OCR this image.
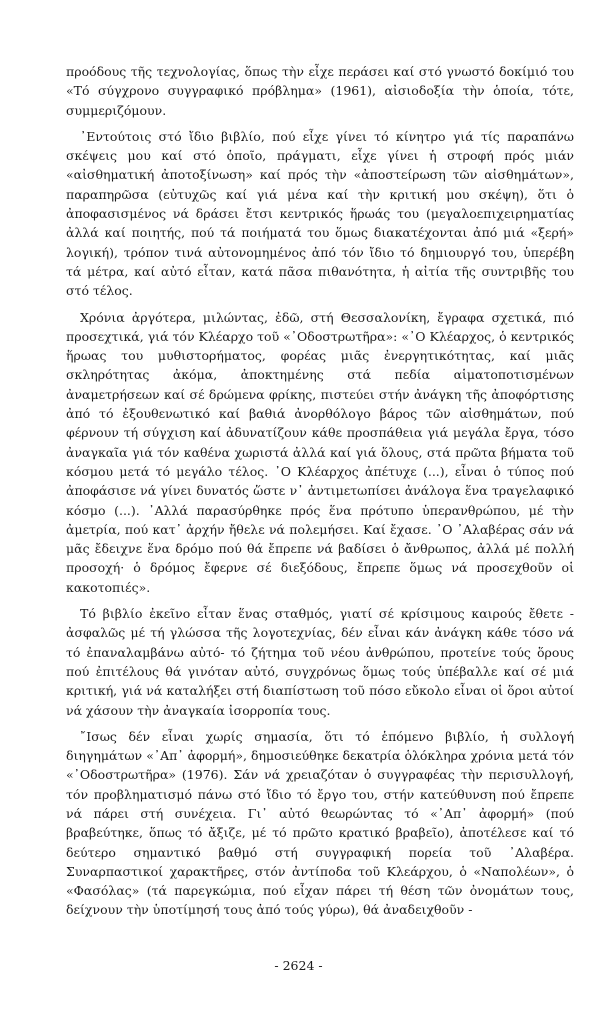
προόδους τῆς τεχνολογίας, ὅπως τὴν εἶχε περάσει καί στό γνωστό δοκίμιό του «Τό σύγχρονο συγγραφικό πρόβλημα» (1961), αἰσιοδοξία τὴν ὁποία, τότε, συμμεριζόμουν.

᾿Εντούτοις στό ἴδιο βιβλίο, πού εἶχε γίνει τό κίνητρο γιά τίς παραπάνω σκέψεις μου καί στό ὁποῖο, πράγματι, εἶχε γίνει ἡ στροφή πρός μιάν «αἰσθηματική ἀποτοξίνωση» καί πρός τὴν «ἀποστείρωση τῶν αἰσθημάτων», παραπηρῶσα (εὐτυχῶς καί γιά μένα καί τὴν κριτική μου σκέψη), ὅτι ὁ ἀποφασισμένος νά δράσει ἔτσι κεντρικός ἥρωάς του (μεγαλοεπιχειρηματίας ἀλλά καί ποιητής, πού τά ποιήματά του ὅμως διακατέχονται ἀπό μιά «ξερή» λογική), τρόπον τινά αὐτονομημένος ἀπό τόν ἴδιο τό δημιουργό του, ὑπερέβη τά μέτρα, καί αὐτό εἶταν, κατά πᾶσα πιθανότητα, ἡ αἰτία τῆς συντριβῆς του στό τέλος.

Χρόνια ἀργότερα, μιλώντας, ἐδῶ, στή Θεσσαλονίκη, ἔγραφα σχετικά, πιό προσεχτικά, γιά τόν Κλέαρχο τοῦ «᾿Οδοστρωτῆρα»: «᾿Ο Κλέαρχος, ὁ κεντρικός ἥρωας του μυθιστορήματος, φορέας μιᾶς ἐνεργητικότητας, καί μιᾶς σκληρότητας ἀκόμα, ἀποκτημένης στά πεδία αἱματοποτισμένων ἀναμετρήσεων καί σέ δρώμενα φρίκης, πιστεύει στήν ἀνάγκη τῆς ἀποφόρτισης ἀπό τό ἐξουθενωτικό καί βαθιά ἀνορθόλογο βάρος τῶν αἰσθημάτων, πού φέρνουν τή σύγχιση καί ἀδυνατίζουν κάθε προσπάθεια γιά μεγάλα ἔργα, τόσο ἀναγκαῖα γιά τόν καθένα χωριστά ἀλλά καί γιά ὅλους, στά πρῶτα βήματα τοῦ κόσμου μετά τό μεγάλο τέλος. ᾿Ο Κλέαρχος ἀπέτυχε (...), εἶναι ὁ τύπος πού ἀποφάσισε νά γίνει δυνατός ὥστε ν᾿ ἀντιμετωπίσει ἀνάλογα ἕνα τραγελαφικό κόσμο (...). ᾿Αλλά παρασύρθηκε πρός ἕνα πρότυπο ὑπερανθρώπου, μέ τὴν ἀμετρία, πού κατ᾿ ἀρχήν ἤθελε νά πολεμήσει. Καί ἔχασε. ᾿Ο ᾿Αλαβέρας σάν νά μᾶς ἔδειχνε ἕνα δρόμο πού θά ἔπρεπε νά βαδίσει ὁ ἄνθρωπος, ἀλλά μέ πολλή προσοχή· ὁ δρόμος ἔφερνε σέ διεξόδους, ἔπρεπε ὅμως νά προσεχθοῦν οἱ κακοτοπιές».

Τό βιβλίο ἐκεῖνο εἶταν ἕνας σταθμός, γιατί σέ κρίσιμους καιρούς ἔθετε - ἀσφαλῶς μέ τή γλώσσα τῆς λογοτεχνίας, δέν εἶναι κάν ἀνάγκη κάθε τόσο νά τό ἐπαναλαμβάνω αὐτό- τό ζήτημα τοῦ νέου ἀνθρώπου, προτείνε τούς ὅρους πού ἐπιτέλους θά γινόταν αὐτό, συγχρόνως ὅμως τούς ὑπέβαλλε καί σέ μιά κριτική, γιά νά καταλήξει στή διαπίστωση τοῦ πόσο εὔκολο εἶναι οἱ ὅροι αὐτοί νά χάσουν τὴν ἀναγκαία ἰσορροπία τους.

῎Ισως δέν εἶναι χωρίς σημασία, ὅτι τό ἑπόμενο βιβλίο, ἡ συλλογή διηγημάτων «᾿Απ᾿ ἀφορμή», δημοσιεύθηκε δεκατρία ὁλόκληρα χρόνια μετά τόν «᾿Οδοστρωτῆρα» (1976). Σάν νά χρειαζόταν ὁ συγγραφέας τὴν περισυλλογή, τόν προβληματισμό πάνω στό ἴδιο τό ἔργο του, στήν κατεύθυνση πού ἔπρεπε νά πάρει στή συνέχεια. Γι᾿ αὐτό θεωρώντας τό «᾿Απ᾿ ἀφορμή» (πού βραβεύτηκε, ὅπως τό ἄξιζε, μέ τό πρῶτο κρατικό βραβεῖο), ἀποτέλεσε καί τό δεύτερο σημαντικό βαθμό στή συγγραφική πορεία τοῦ ᾿Αλαβέρα. Συναρπαστικοί χαρακτῆρες, στόν ἀντίποδα τοῦ Κλεάρχου, ὁ «Ναπολέων», ὁ «Φασόλας» (τά παρεγκώμια, πού εἶχαν πάρει τή θέση τῶν ὀνομάτων τους, δείχνουν τὴν ὑποτίμησή τους ἀπό τούς γύρω), θά ἀναδειχθοῦν -

- 2624 -
